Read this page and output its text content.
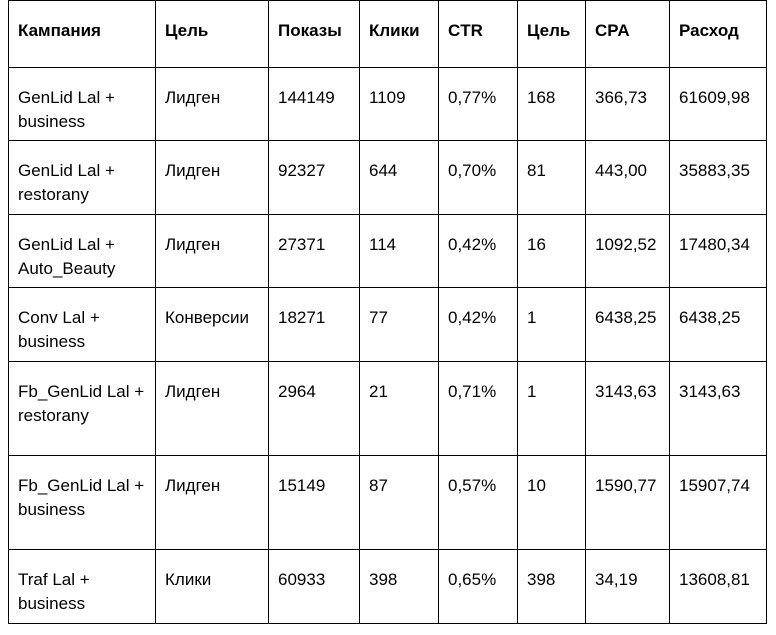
Кампания	Цель	Показы	Клики	CTR	Цель	CPA	Расход
GenLid Lal + business	Лидген	144149	1109	0,77%	168	366,73	61609,98
GenLid Lal + restorany	Лидген	92327	644	0,70%	81	443,00	35883,35
GenLid Lal + Auto_Beauty	Лидген	27371	114	0,42%	16	1092,52	17480,34
Conv Lal + business	Конверсии	18271	77	0,42%	1	6438,25	6438,25
Fb_GenLid Lal + restorany	Лидген	2964	21	0,71%	1	3143,63	3143,63
Fb_GenLid Lal + business	Лидген	15149	87	0,57%	10	1590,77	15907,74
Traf Lal + business	Клики	60933	398	0,65%	398	34,19	13608,81
